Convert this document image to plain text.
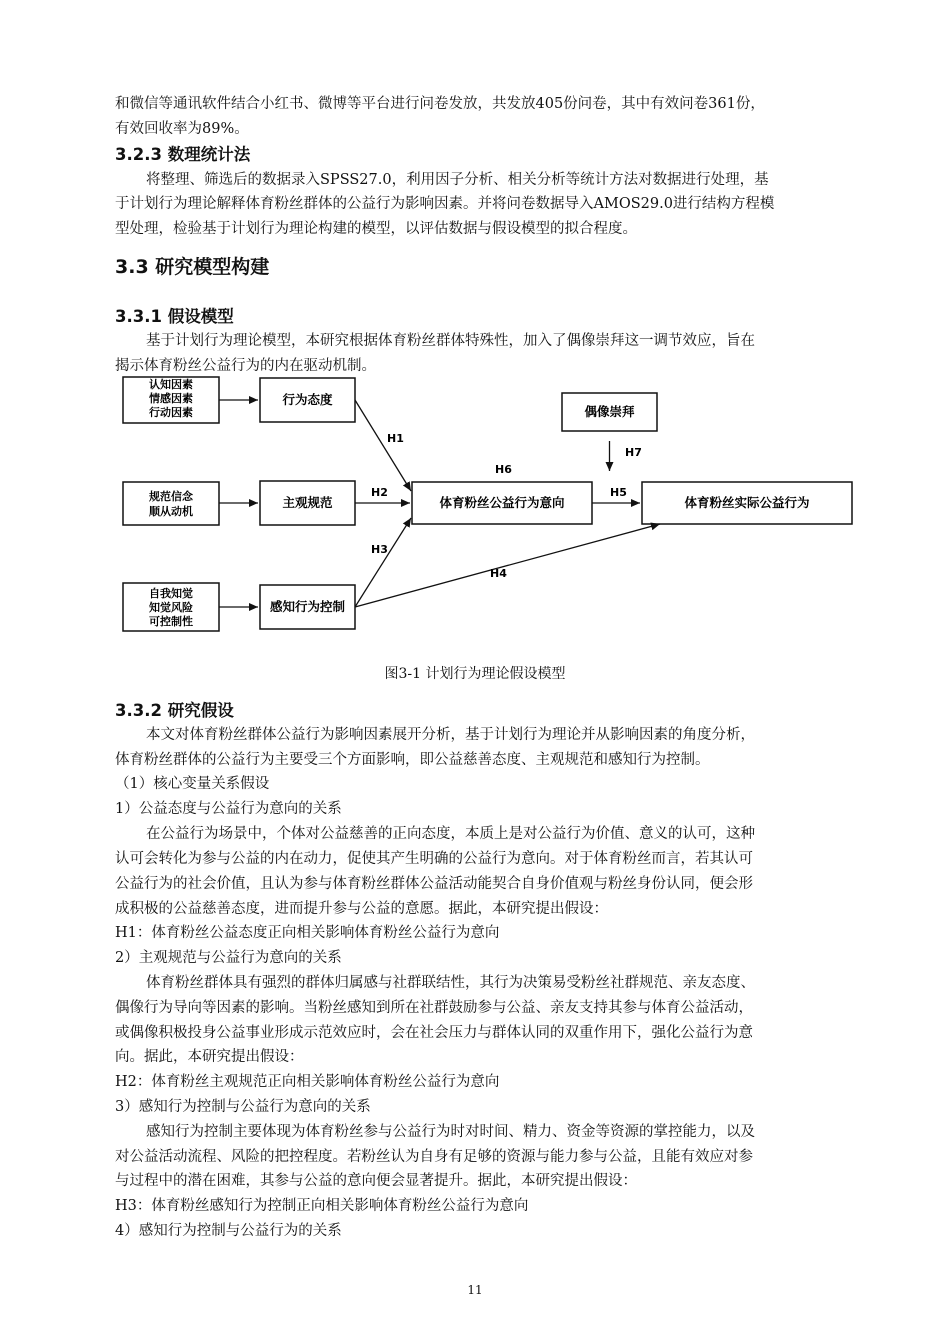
和微信等通讯软件结合小红书、微博等平台进行问卷发放，共发放405份问卷，其中有效问卷361份，
有效回收率为89%。
3.2.3 数理统计法
将整理、筛选后的数据录入SPSS27.0，利用因子分析、相关分析等统计方法对数据进行处理，基
于计划行为理论解释体育粉丝群体的公益行为影响因素。并将问卷数据导入AMOS29.0进行结构方程模
型处理，检验基于计划行为理论构建的模型，以评估数据与假设模型的拟合程度。
3.3 研究模型构建
3.3.1 假设模型
基于计划行为理论模型，本研究根据体育粉丝群体特殊性，加入了偶像崇拜这一调节效应，旨在
揭示体育粉丝公益行为的内在驱动机制。
认知因素
情感因素
行动因素
规范信念
顺从动机
自我知觉
知觉风险
可控制性
行为态度
主观规范
感知行为控制
体育粉丝公益行为意向	体育粉丝实际公益行为
偶像崇拜
H1
H2
H3
H4
H5
H6
H7
图3-1 计划行为理论假设模型
3.3.2 研究假设
本文对体育粉丝群体公益行为影响因素展开分析，基于计划行为理论并从影响因素的角度分析，
体育粉丝群体的公益行为主要受三个方面影响，即公益慈善态度、主观规范和感知行为控制。
（1）核心变量关系假设
1）公益态度与公益行为意向的关系
在公益行为场景中，个体对公益慈善的正向态度，本质上是对公益行为价值、意义的认可，这种
认可会转化为参与公益的内在动力，促使其产生明确的公益行为意向。对于体育粉丝而言，若其认可
公益行为的社会价值，且认为参与体育粉丝群体公益活动能契合自身价值观与粉丝身份认同，便会形
成积极的公益慈善态度，进而提升参与公益的意愿。据此，本研究提出假设：
H1：体育粉丝公益态度正向相关影响体育粉丝公益行为意向
2）主观规范与公益行为意向的关系
体育粉丝群体具有强烈的群体归属感与社群联结性，其行为决策易受粉丝社群规范、亲友态度、
偶像行为导向等因素的影响。当粉丝感知到所在社群鼓励参与公益、亲友支持其参与体育公益活动，
或偶像积极投身公益事业形成示范效应时，会在社会压力与群体认同的双重作用下，强化公益行为意
向。据此，本研究提出假设：
H2：体育粉丝主观规范正向相关影响体育粉丝公益行为意向
3）感知行为控制与公益行为意向的关系
感知行为控制主要体现为体育粉丝参与公益行为时对时间、精力、资金等资源的掌控能力，以及
对公益活动流程、风险的把控程度。若粉丝认为自身有足够的资源与能力参与公益，且能有效应对参
与过程中的潜在困难，其参与公益的意向便会显著提升。据此，本研究提出假设：
H3：体育粉丝感知行为控制正向相关影响体育粉丝公益行为意向
4）感知行为控制与公益行为的关系
11
